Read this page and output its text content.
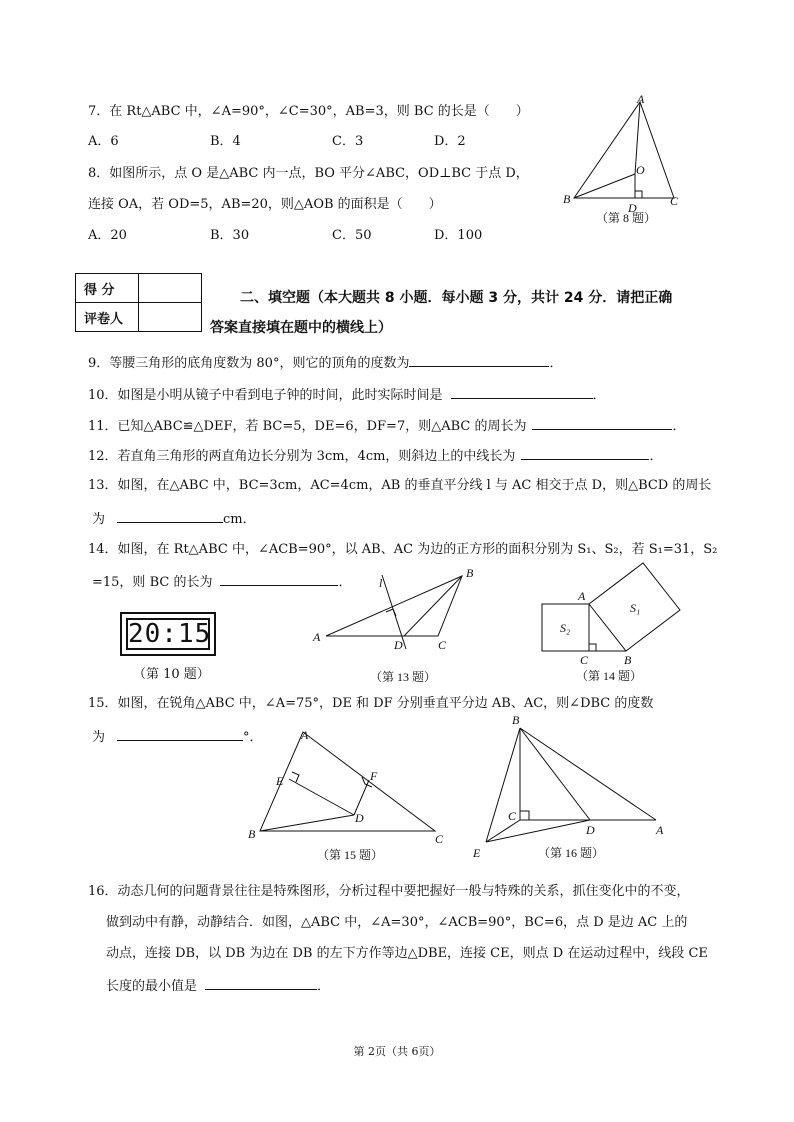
7．在 Rt△ABC 中，∠A=90°，∠C=30°，AB=3，则 BC 的长是（　　）
A．6	B．4	C．3	D．2
8．如图所示，点 O 是△ABC 内一点，BO 平分∠ABC，OD⊥BC 于点 D，
连接 OA，若 OD=5，AB=20，则△AOB 的面积是（　　）
A．20	B．30	C．50	D．100
A
O
B
D	C
（第 8 题）
得 分	
评卷人	
二、填空题（本大题共 8 小题．每小题 3 分，共计 24 分．请把正确
答案直接填在题中的横线上）
9．等腰三角形的底角度数为 80°，则它的顶角的度数为	．
10．如图是小明从镜子中看到电子钟的时间，此时实际时间是	．
11．已知△ABC≌△DEF，若 BC=5，DE=6，DF=7，则△ABC 的周长为	．
12．若直角三角形的两直角边长分别为 3cm，4cm，则斜边上的中线长为	．
13．如图，在△ABC 中，BC=3cm，AC=4cm，AB 的垂直平分线 l 与 AC 相交于点 D，则△BCD 的周长
为	cm．
14．如图，在 Rt△ABC 中，∠ACB=90°，以 AB、AC 为边的正方形的面积分别为 S₁、S₂，若 S₁=31，S₂
=15，则 BC 的长为	．
20:15
（第 10 题）
l
B
A
D	C
（第 13 题）
A
S₁
S₂
C	B
（第 14 题）
15．如图，在锐角△ABC 中，∠A=75°，DE 和 DF 分别垂直平分边 AB、AC，则∠DBC 的度数
为	°．	A
E	F
D
B	C
（第 15 题）
B
C
D	A
E	（第 16 题）
16．动态几何的问题背景往往是特殊图形，分析过程中要把握好一般与特殊的关系，抓住变化中的不变，
做到动中有静，动静结合．如图，△ABC 中，∠A=30°，∠ACB=90°，BC=6，点 D 是边 AC 上的
动点，连接 DB，以 DB 为边在 DB 的左下方作等边△DBE，连接 CE，则点 D 在运动过程中，线段 CE
长度的最小值是	．
第 2页（共 6页）
